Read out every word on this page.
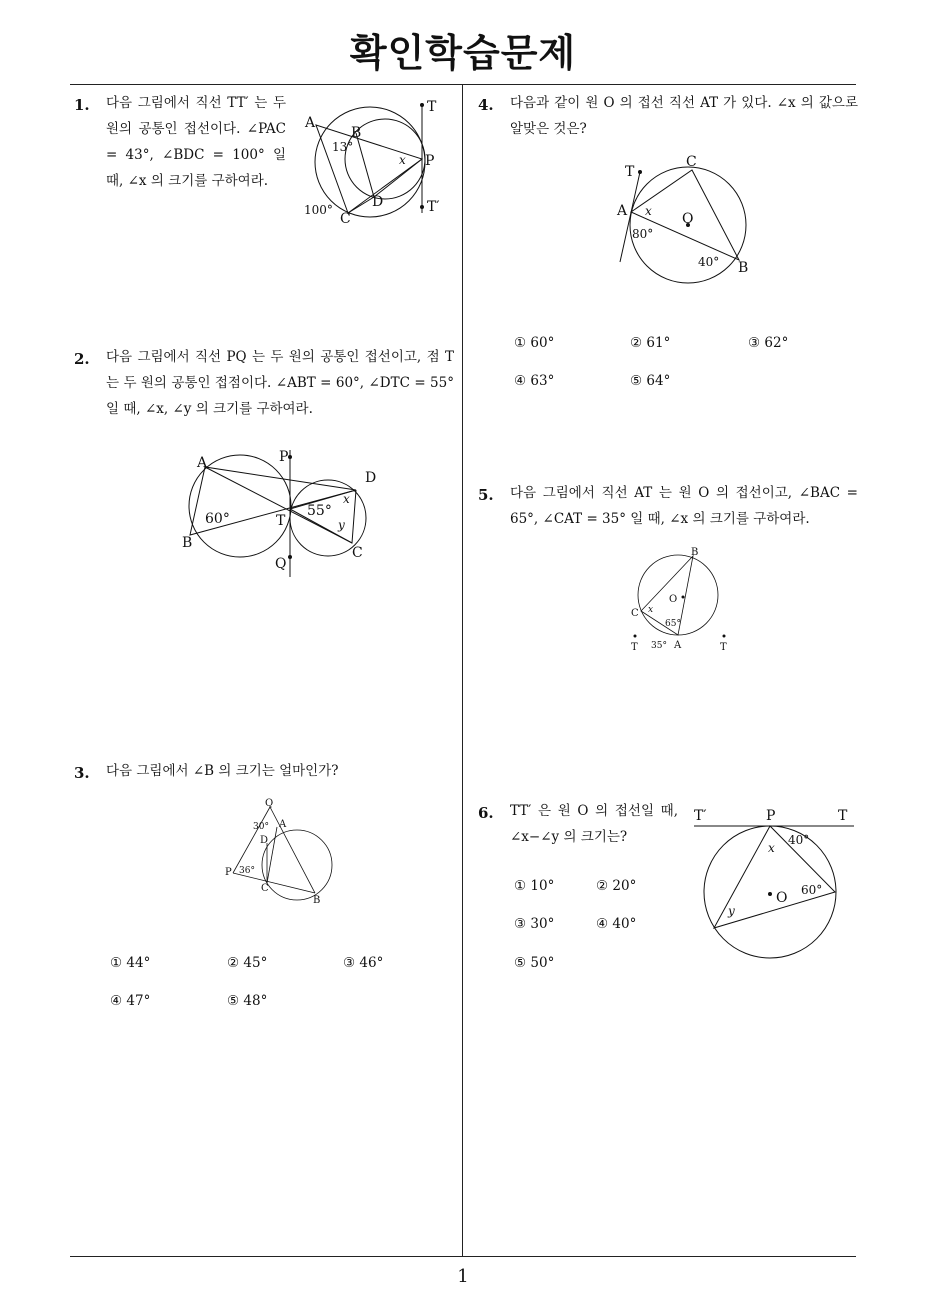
확인학습문제
1
1. 다음 그림에서 직선 TT′ 는 두 원의 공통인 접선이다. ∠PAC = 43°, ∠BDC = 100° 일 때, ∠x 의 크기를 구하여라.
A
B
C
D
P
T
T′
13°
100°
x
2. 다음 그림에서 직선 PQ 는 두 원의 공통인 접선이고, 점 T 는 두 원의 공통인 접점이다. ∠ABT = 60°, ∠DTC = 55° 일 때, ∠x, ∠y 의 크기를 구하여라.
A
B
C
D
P
Q
T
60°	55°
x
y
3. 다음 그림에서 ∠B 의 크기는 얼마인가?
① 44°	② 45°	③ 46°
④ 47°	⑤ 48°
Q
A
D
P
C
B
30°
36°
4. 다음과 같이 원 O 의 접선 직선 AT 가 있다. ∠x 의 값으로 알맞은 것은?
① 60°	② 61°	③ 62°
④ 63°	⑤ 64°
T
C
A	O
B
x
80°
40°
5. 다음 그림에서 직선 AT 는 원 O 의 접선이고, ∠BAC = 65°, ∠CAT = 35° 일 때, ∠x 의 크기를 구하여라.
B
C
O
A
T	T
x
65°
35°
6. TT′ 은 원 O 의 접선일 때, ∠x−∠y 의 크기는?
① 10°	② 20°
③ 30°	④ 40°
⑤ 50°
T′	P	T
O
x
y
40°
60°
